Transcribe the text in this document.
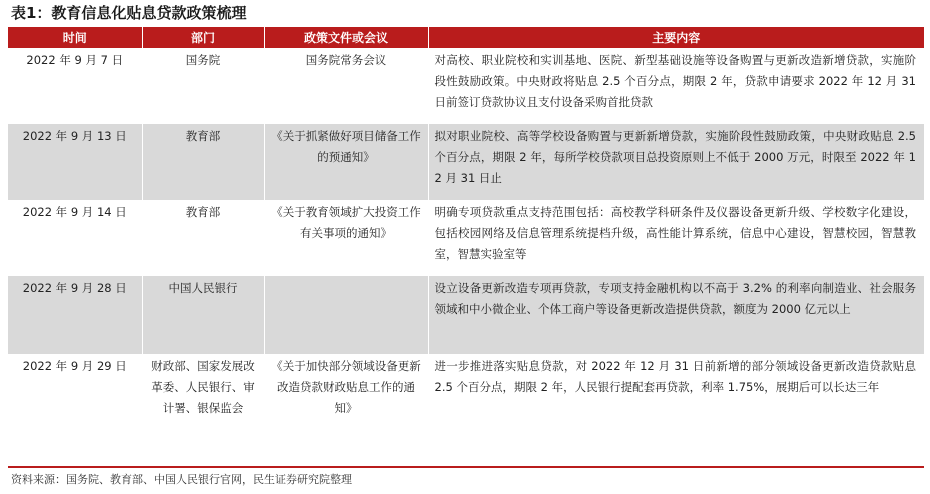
表1：教育信息化贴息贷款政策梳理
时间	部门	政策文件或会议	主要内容
2022 年 9 月 7 日	国务院	国务院常务会议	对高校、职业院校和实训基地、医院、新型基础设施等设备购置与更新改造新增贷款，实施阶段性鼓励政策。中央财政将贴息 2.5 个百分点，期限 2 年，贷款申请要求 2022 年 12 月 31 日前签订贷款协议且支付设备采购首批贷款
2022 年 9 月 13 日	教育部	《关于抓紧做好项目储备工作的预通知》	拟对职业院校、高等学校设备购置与更新新增贷款，实施阶段性鼓励政策，中央财政贴息 2.5 个百分点，期限 2 年，每所学校贷款项目总投资原则上不低于 2000 万元，时限至 2022 年 12 月 31 日止
2022 年 9 月 14 日	教育部	《关于教育领域扩大投资工作有关事项的通知》	明确专项贷款重点支持范围包括：高校教学科研条件及仪器设备更新升级、学校数字化建设，包括校园网络及信息管理系统提档升级，高性能计算系统，信息中心建设，智慧校园，智慧教室，智慧实验室等
2022 年 9 月 28 日	中国人民银行		设立设备更新改造专项再贷款，专项支持金融机构以不高于 3.2% 的利率向制造业、社会服务领域和中小微企业、个体工商户等设备更新改造提供贷款，额度为 2000 亿元以上
2022 年 9 月 29 日	财政部、国家发展改革委、人民银行、审计署、银保监会	《关于加快部分领域设备更新改造贷款财政贴息工作的通知》	进一步推进落实贴息贷款，对 2022 年 12 月 31 日前新增的部分领域设备更新改造贷款贴息 2.5 个百分点，期限 2 年，人民银行提配套再贷款，利率 1.75%，展期后可以长达三年
资料来源：国务院、教育部、中国人民银行官网，民生证券研究院整理
